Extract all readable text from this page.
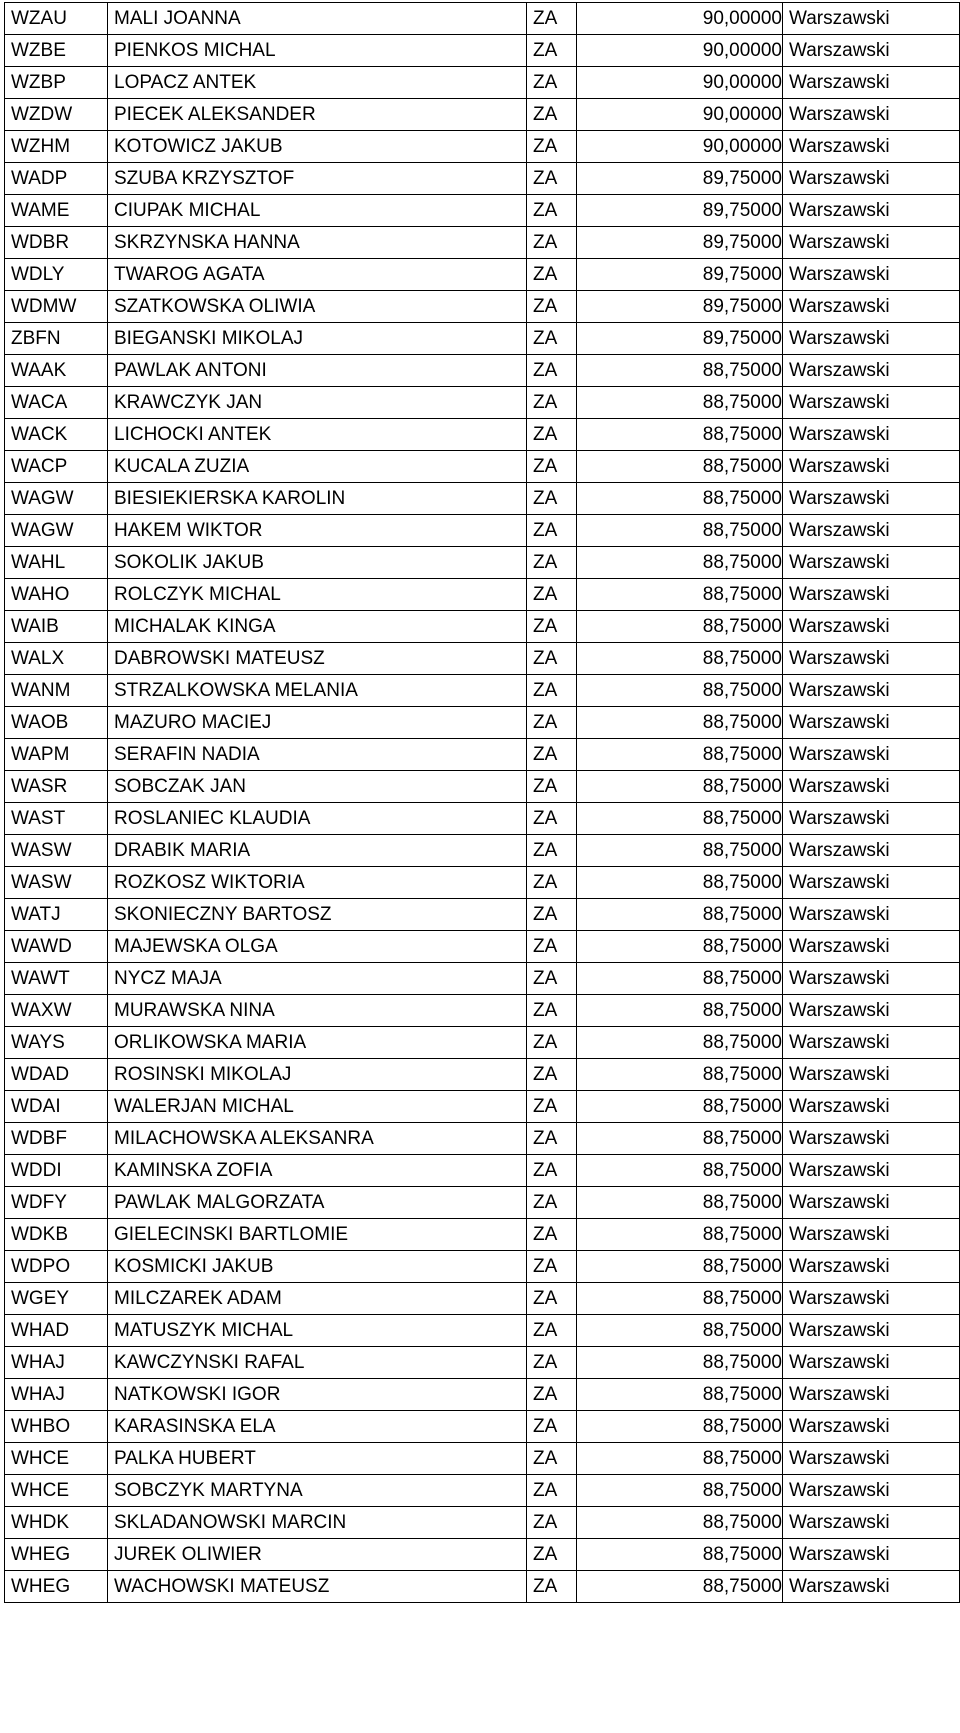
WZAU	MALI JOANNA	ZA	90,00000	Warszawski
WZBE	PIENKOS MICHAL	ZA	90,00000	Warszawski
WZBP	LOPACZ ANTEK	ZA	90,00000	Warszawski
WZDW	PIECEK ALEKSANDER	ZA	90,00000	Warszawski
WZHM	KOTOWICZ JAKUB	ZA	90,00000	Warszawski
WADP	SZUBA KRZYSZTOF	ZA	89,75000	Warszawski
WAME	CIUPAK MICHAL	ZA	89,75000	Warszawski
WDBR	SKRZYNSKA HANNA	ZA	89,75000	Warszawski
WDLY	TWAROG AGATA	ZA	89,75000	Warszawski
WDMW	SZATKOWSKA OLIWIA	ZA	89,75000	Warszawski
ZBFN	BIEGANSKI MIKOLAJ	ZA	89,75000	Warszawski
WAAK	PAWLAK ANTONI	ZA	88,75000	Warszawski
WACA	KRAWCZYK JAN	ZA	88,75000	Warszawski
WACK	LICHOCKI ANTEK	ZA	88,75000	Warszawski
WACP	KUCALA ZUZIA	ZA	88,75000	Warszawski
WAGW	BIESIEKIERSKA KAROLIN	ZA	88,75000	Warszawski
WAGW	HAKEM WIKTOR	ZA	88,75000	Warszawski
WAHL	SOKOLIK JAKUB	ZA	88,75000	Warszawski
WAHO	ROLCZYK MICHAL	ZA	88,75000	Warszawski
WAIB	MICHALAK KINGA	ZA	88,75000	Warszawski
WALX	DABROWSKI MATEUSZ	ZA	88,75000	Warszawski
WANM	STRZALKOWSKA MELANIA	ZA	88,75000	Warszawski
WAOB	MAZURO MACIEJ	ZA	88,75000	Warszawski
WAPM	SERAFIN NADIA	ZA	88,75000	Warszawski
WASR	SOBCZAK JAN	ZA	88,75000	Warszawski
WAST	ROSLANIEC KLAUDIA	ZA	88,75000	Warszawski
WASW	DRABIK MARIA	ZA	88,75000	Warszawski
WASW	ROZKOSZ WIKTORIA	ZA	88,75000	Warszawski
WATJ	SKONIECZNY BARTOSZ	ZA	88,75000	Warszawski
WAWD	MAJEWSKA OLGA	ZA	88,75000	Warszawski
WAWT	NYCZ MAJA	ZA	88,75000	Warszawski
WAXW	MURAWSKA NINA	ZA	88,75000	Warszawski
WAYS	ORLIKOWSKA MARIA	ZA	88,75000	Warszawski
WDAD	ROSINSKI MIKOLAJ	ZA	88,75000	Warszawski
WDAI	WALERJAN MICHAL	ZA	88,75000	Warszawski
WDBF	MILACHOWSKA ALEKSANRA	ZA	88,75000	Warszawski
WDDI	KAMINSKA ZOFIA	ZA	88,75000	Warszawski
WDFY	PAWLAK MALGORZATA	ZA	88,75000	Warszawski
WDKB	GIELECINSKI BARTLOMIE	ZA	88,75000	Warszawski
WDPO	KOSMICKI JAKUB	ZA	88,75000	Warszawski
WGEY	MILCZAREK ADAM	ZA	88,75000	Warszawski
WHAD	MATUSZYK MICHAL	ZA	88,75000	Warszawski
WHAJ	KAWCZYNSKI RAFAL	ZA	88,75000	Warszawski
WHAJ	NATKOWSKI IGOR	ZA	88,75000	Warszawski
WHBO	KARASINSKA ELA	ZA	88,75000	Warszawski
WHCE	PALKA HUBERT	ZA	88,75000	Warszawski
WHCE	SOBCZYK MARTYNA	ZA	88,75000	Warszawski
WHDK	SKLADANOWSKI MARCIN	ZA	88,75000	Warszawski
WHEG	JUREK OLIWIER	ZA	88,75000	Warszawski
WHEG	WACHOWSKI MATEUSZ	ZA	88,75000	Warszawski
